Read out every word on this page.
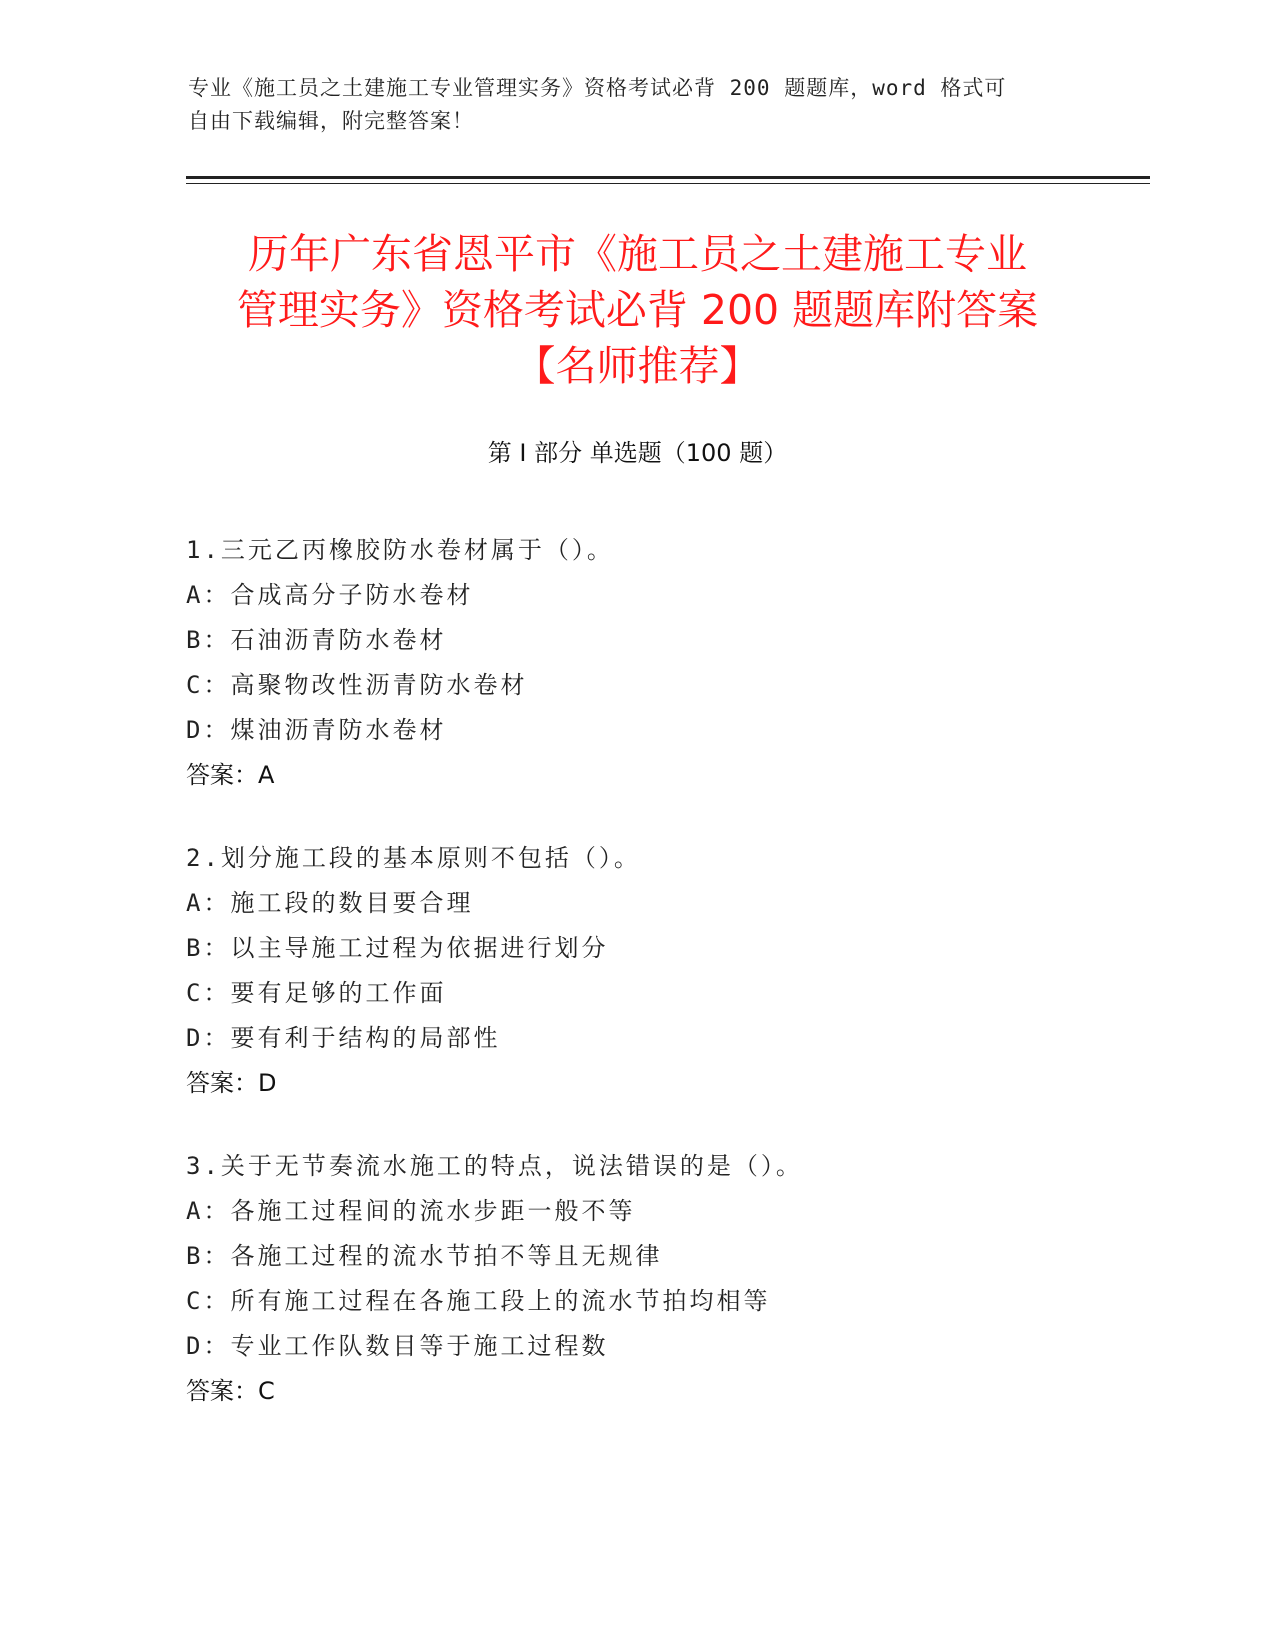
专业《施工员之土建施工专业管理实务》资格考试必背 200 题题库，word 格式可
自由下载编辑，附完整答案！
历年广东省恩平市《施工员之土建施工专业
管理实务》资格考试必背 200 题题库附答案
【名师推荐】
第 I 部分 单选题（100 题）
1.三元乙丙橡胶防水卷材属于（）。
A：合成高分子防水卷材
B：石油沥青防水卷材
C：高聚物改性沥青防水卷材
D：煤油沥青防水卷材
答案：A
2.划分施工段的基本原则不包括（）。
A：施工段的数目要合理
B：以主导施工过程为依据进行划分
C：要有足够的工作面
D：要有利于结构的局部性
答案：D
3.关于无节奏流水施工的特点，说法错误的是（）。
A：各施工过程间的流水步距一般不等
B：各施工过程的流水节拍不等且无规律
C：所有施工过程在各施工段上的流水节拍均相等
D：专业工作队数目等于施工过程数
答案：C
